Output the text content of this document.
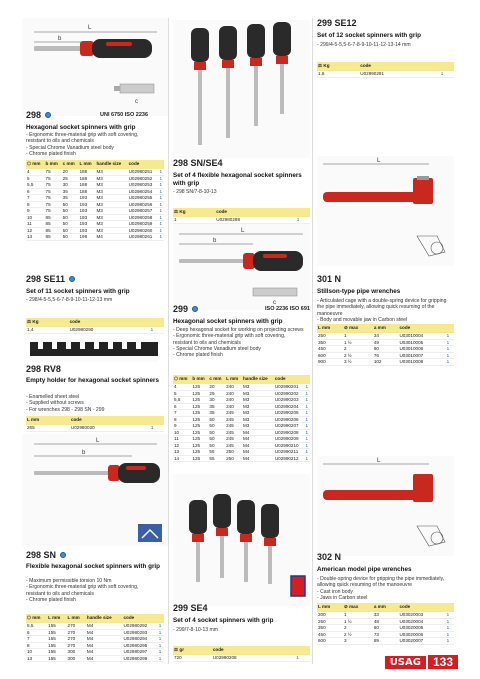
L
b
c
298	UNI 6750 ISO 2236
Hexagonal socket spinners with grip
- Ergonomic three-material grip with soft covering,
resistant to oils and chemicals
- Special Chrome Vanadium steel body
- Chrome plated finish
⬡ mm	b mm	c mm	L mm	handle size	code	
4	75	20	188	M3	U02980251	1
5	75	25	188	M3	U02980252	1
5,5	75	30	188	M3	U02980253	1
6	75	35	188	M3	U02980254	1
7	75	35	193	M3	U02980255	1
8	75	50	193	M3	U02980256	1
9	75	50	193	M3	U02980257	1
10	85	50	193	M3	U02980258	1
11	85	50	193	M3	U02980259	1
12	85	50	193	M3	U02980260	1
13	85	50	198	M4	U02980261	1
298 SE11
Set of 11 socket spinners with grip
- 298/4-5-5,5-6-7-8-9-10-11-12-13 mm
⚖ Kg	code	
1,4	U02980290	1
298 RV8
Empty holder for hexagonal socket spinners
- Enamelled sheet steel
- Supplied without screws
- For wrenches 298 - 298 SN - 299
L mm	code	
265	U02980020	1
L
b
298 SN
Flexible hexagonal socket spinners with grip
- Maximum permissible torsion 10 Nm
- Ergonomic three-material grip with soft covering,
resistant to oils and chemicals
- Chrome plated finish
⬡ mm	L mm	L mm	handle size	code	
5,5	155	270	M4	U02980292	1
6	155	270	M4	U02980293	1
7	155	270	M4	U02980294	1
8	155	270	M4	U02980295	1
10	155	300	M4	U02980297	1
13	155	300	M4	U02980299	1
298 SN/SE4
Set of 4 flexible hexagonal socket spinners with grip
- 298 SN/7-8-10-13
⚖ Kg	code	
1	U02980288	1
L
b
c
299	ISO 2236 ISO 691
Hexagonal socket spinners with grip
- Deep hexagonal socket for working on projecting screws
- Ergonomic three-material grip with soft covering,
resistant to oils and chemicals
- Special Chrome Vanadium steel body
- Chrome plated finish
⬡ mm	b mm	c mm	L mm	handle size	code	
4	125	20	240	M3	U02990201	1
5	125	25	240	M3	U02990202	1
5,5	125	30	240	M3	U02990203	1
6	125	35	240	M3	U02990204	1
7	125	35	245	M3	U02990205	1
8	125	50	245	M3	U02990206	1
9	125	50	245	M3	U02990207	1
10	125	50	245	M4	U02990208	1
11	125	50	245	M4	U02990209	1
12	125	50	245	M4	U02990210	1
13	125	55	250	M4	U02990211	1
14	125	55	250	M4	U02990212	1
299 SE4
Set of 4 socket spinners with grip
- 299/7-8-10-13 mm
⚖ gr	code	
720	U02990208	1
299 SE12
Set of 12 socket spinners with grip
- 299/4-5-5,5-6-7-8-9-10-11-12-13-14 mm
⚖ Kg	code	
1,6	U02990281	1
L
301 N
Stillson-type pipe wrenches
- Articulated cage with a double-spring device for gripping
the pipe immediately, allowing quick resuming of the
manoeuvre
- Body and movable jaw in Carbon steel
L mm	⊘ max	a mm	code	
250	1	34	U03010004	1
350	1 ½	49	U03010005	1
450	2	60	U03010006	1
600	2 ½	76	U03010007	1
900	3 ½	102	U03010008	1
L
302 N
American model pipe wrenches
- Double-spring device for gripping the pipe immediately,
allowing quick resuming of the manoeuvre
- Cast iron body
- Jaws in Carbon steel
L mm	⊘ max	a mm	code	
200	1	33	U03020003	1
250	1 ½	48	U03020004	1
350	2	60	U03020005	1
450	2 ½	73	U03020006	1
600	3	89	U03020007	1
USAG	133
